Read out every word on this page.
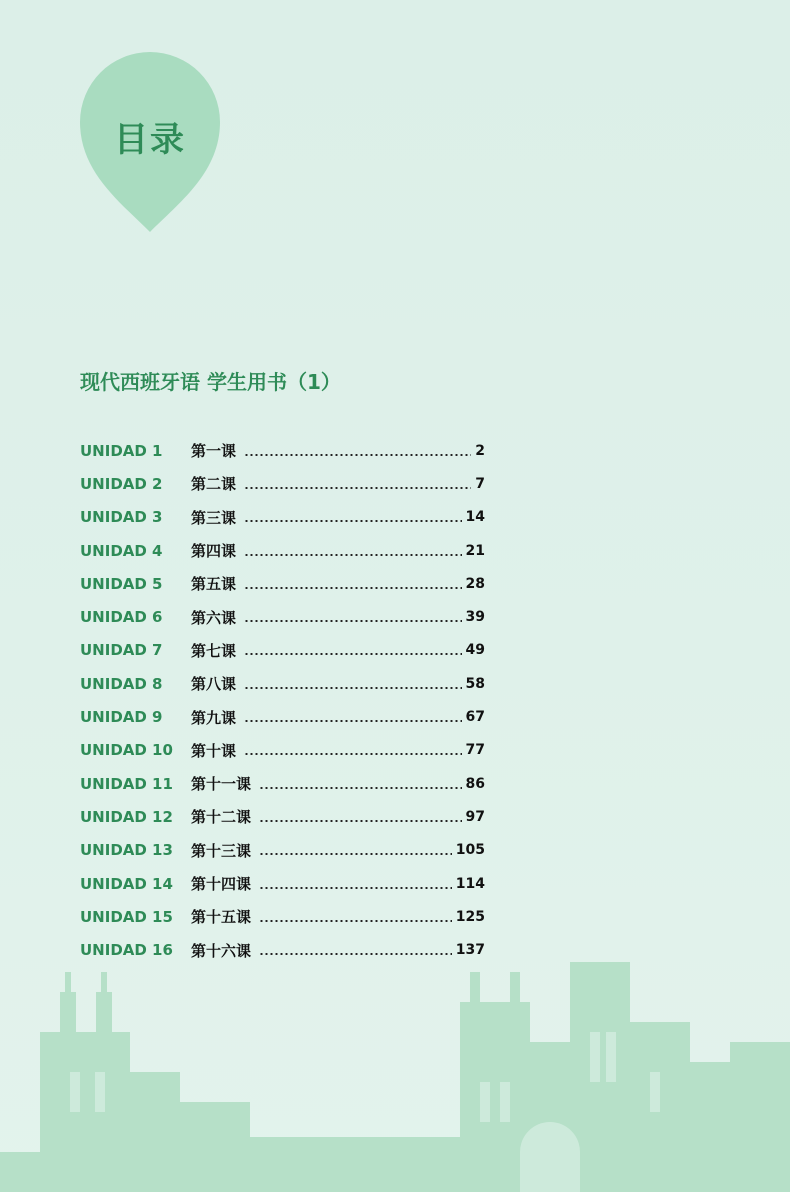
目录
现代西班牙语 学生用书（1）
UNIDAD 1	第一课	2
UNIDAD 2	第二课	7
UNIDAD 3	第三课	14
UNIDAD 4	第四课	21
UNIDAD 5	第五课	28
UNIDAD 6	第六课	39
UNIDAD 7	第七课	49
UNIDAD 8	第八课	58
UNIDAD 9	第九课	67
UNIDAD 10	第十课	77
UNIDAD 11	第十一课	86
UNIDAD 12	第十二课	97
UNIDAD 13	第十三课	105
UNIDAD 14	第十四课	114
UNIDAD 15	第十五课	125
UNIDAD 16	第十六课	137
